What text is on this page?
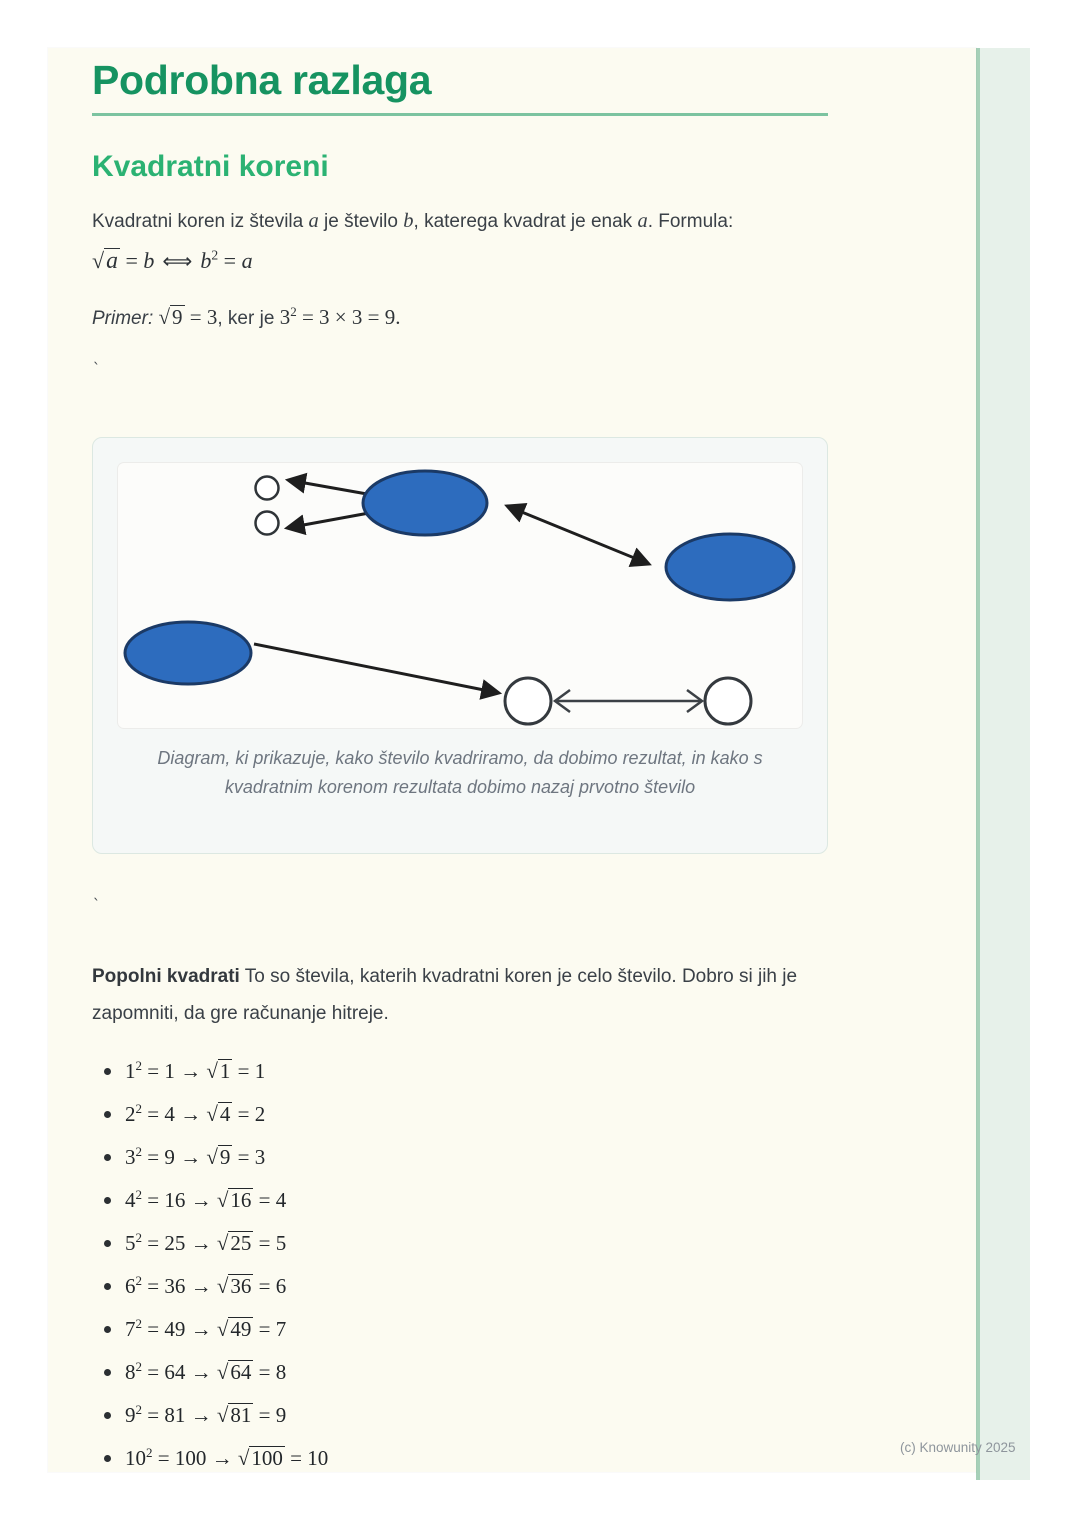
Podrobna razlaga
Kvadratni koreni

Kvadratni koren iz števila a je število b, katerega kvadrat je enak a. Formula:

√a = b ⟺ $b^2 = a$

Primer: √9 = 3, ker je $3^2 = 3 \times 3 = 9$.

`
Diagram, ki prikazuje, kako število kvadriramo, da dobimo rezultat, in kako s kvadratnim korenom rezultata dobimo nazaj prvotno število
`

Popolni kvadrati To so števila, katerih kvadratni koren je celo število. Dobro si jih je zapomniti, da gre računanje hitreje.

$1^2 = 1 \to √1 = 1$
$2^2 = 4 \to √4 = 2$
$3^2 = 9 \to √9 = 3$
$4^2 = 16 \to √16 = 4$
$5^2 = 25 \to √25 = 5$
$6^2 = 36 \to √36 = 6$
$7^2 = 49 \to √49 = 7$
$8^2 = 64 \to √64 = 8$
$9^2 = 81 \to √81 = 9$
$10^2 = 100 \to √100 = 10$	(c) Knowunity 2025
